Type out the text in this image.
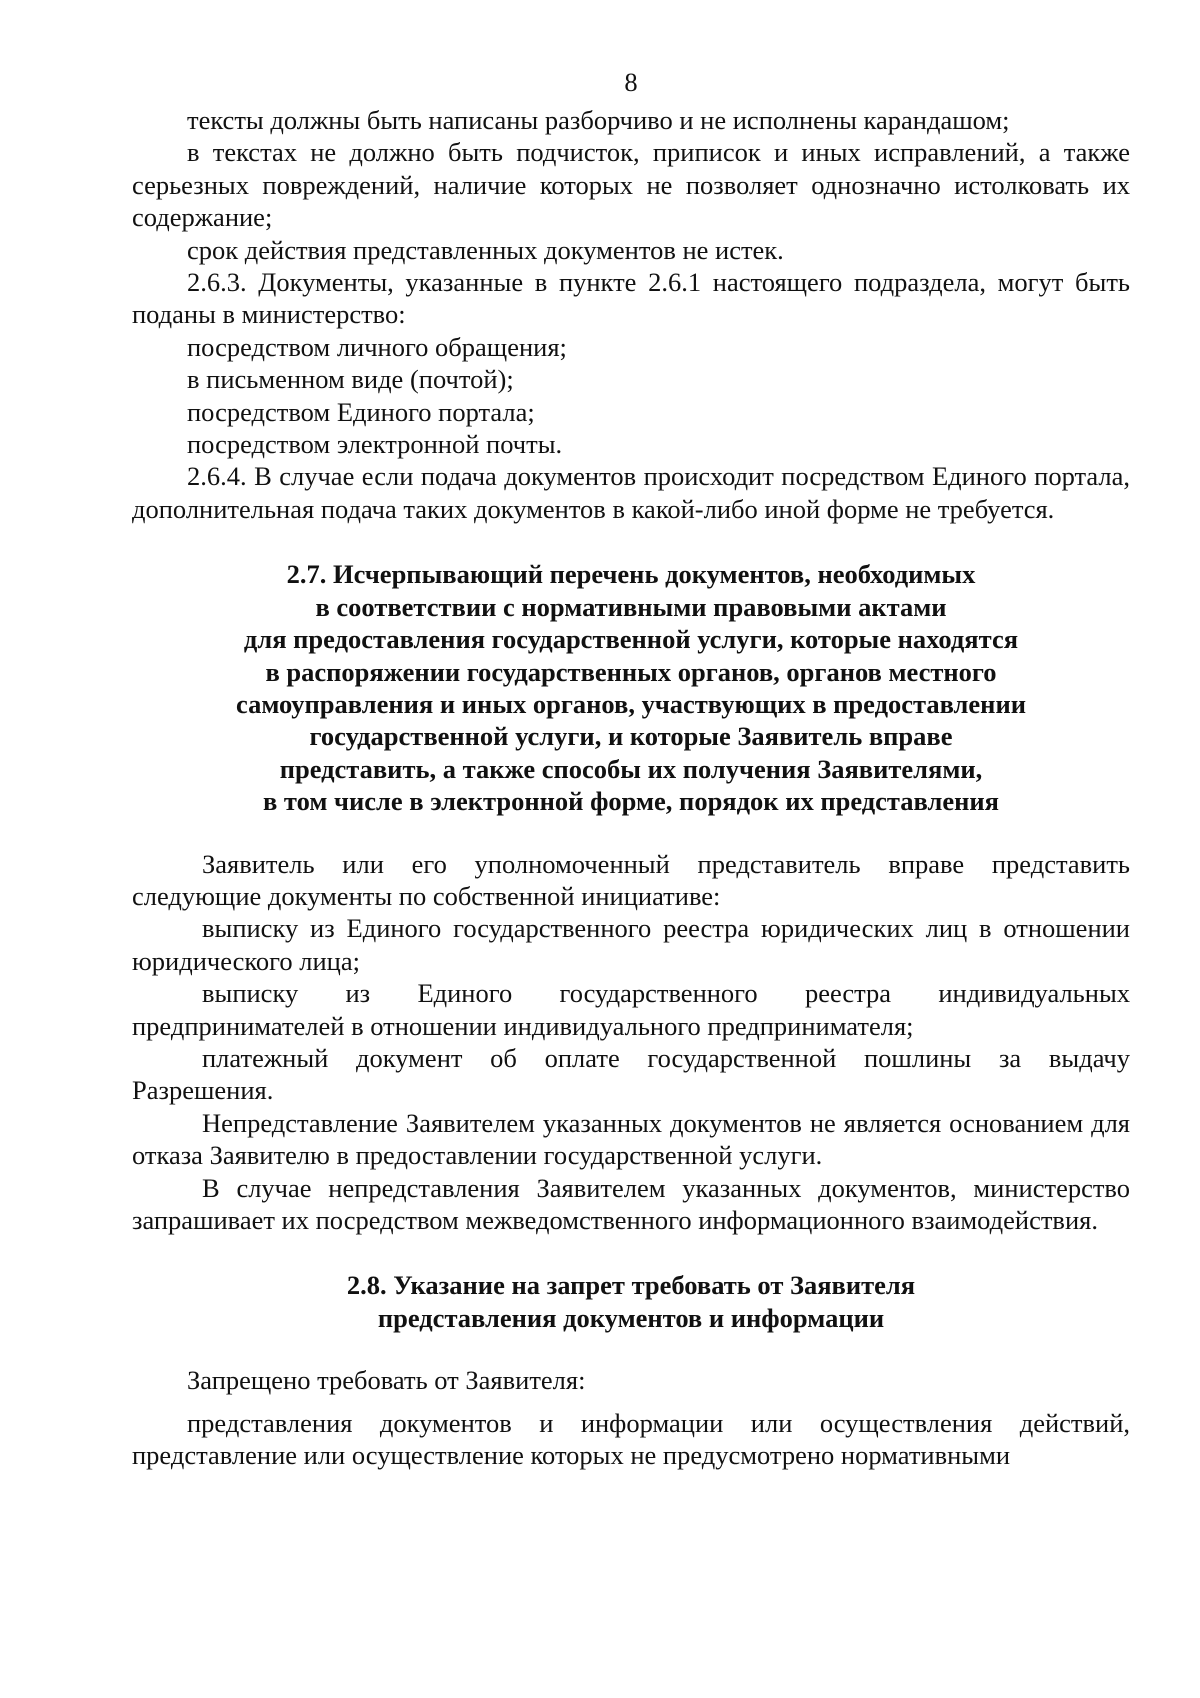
8

тексты должны быть написаны разборчиво и не исполнены карандашом;

в текстах не должно быть подчисток, приписок и иных исправлений, а также серьезных повреждений, наличие которых не позволяет однозначно истолковать их содержание;

срок действия представленных документов не истек.

2.6.3. Документы, указанные в пункте 2.6.1 настоящего подраздела, могут быть поданы в министерство:

посредством личного обращения;

в письменном виде (почтой);

посредством Единого портала;

посредством электронной почты.

2.6.4. В случае если подача документов происходит посредством Единого портала, дополнительная подача таких документов в какой-либо иной форме не требуется.

2.7. Исчерпывающий перечень документов, необходимых
в соответствии с нормативными правовыми актами
для предоставления государственной услуги, которые находятся
в распоряжении государственных органов, органов местного
самоуправления и иных органов, участвующих в предоставлении
государственной услуги, и которые Заявитель вправе
представить, а также способы их получения Заявителями,
в том числе в электронной форме, порядок их представления

Заявитель или его уполномоченный представитель вправе представить следующие документы по собственной инициативе:

выписку из Единого государственного реестра юридических лиц в отношении юридического лица;

выписку из Единого государственного реестра индивидуальных предпринимателей в отношении индивидуального предпринимателя;

платежный документ об оплате государственной пошлины за выдачу Разрешения.

Непредставление Заявителем указанных документов не является основанием для отказа Заявителю в предоставлении государственной услуги.

В случае непредставления Заявителем указанных документов, министерство запрашивает их посредством межведомственного информационного взаимодействия.

2.8. Указание на запрет требовать от Заявителя
представления документов и информации

Запрещено требовать от Заявителя:

представления документов и информации или осуществления действий, представление или осуществление которых не предусмотрено нормативными
